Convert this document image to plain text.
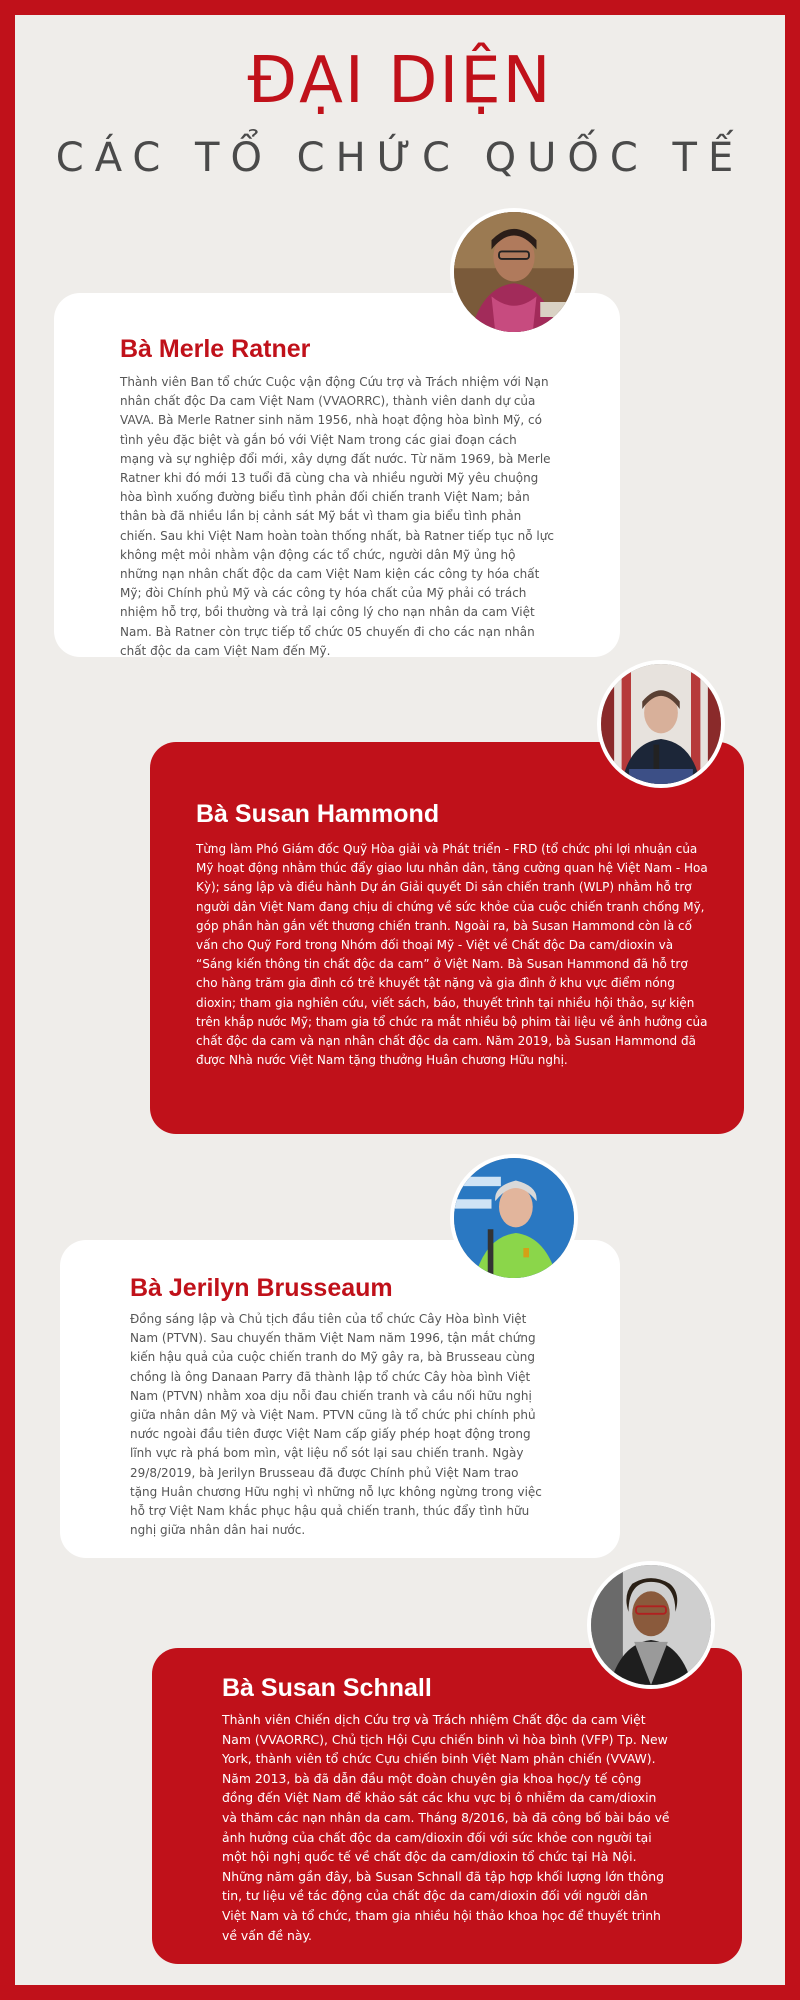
ĐẠI DIỆN
CÁC TỔ CHỨC QUỐC TẾ
Bà Merle Ratner

Thành viên Ban tổ chức Cuộc vận động Cứu trợ và Trách nhiệm với Nạn nhân chất độc Da cam Việt Nam (VVAORRC), thành viên danh dự của VAVA. Bà Merle Ratner sinh năm 1956, nhà hoạt động hòa bình Mỹ, có tình yêu đặc biệt và gắn bó với Việt Nam trong các giai đoạn cách mạng và sự nghiệp đổi mới, xây dựng đất nước. Từ năm 1969, bà Merle Ratner khi đó mới 13 tuổi đã cùng cha và nhiều người Mỹ yêu chuộng hòa bình xuống đường biểu tình phản đối chiến tranh Việt Nam; bản thân bà đã nhiều lần bị cảnh sát Mỹ bắt vì tham gia biểu tình phản chiến. Sau khi Việt Nam hoàn toàn thống nhất, bà Ratner tiếp tục nỗ lực không mệt mỏi nhằm vận động các tổ chức, người dân Mỹ ủng hộ những nạn nhân chất độc da cam Việt Nam kiện các công ty hóa chất Mỹ; đòi Chính phủ Mỹ và các công ty hóa chất của Mỹ phải có trách nhiệm hỗ trợ, bồi thường và trả lại công lý cho nạn nhân da cam Việt Nam. Bà Ratner còn trực tiếp tổ chức 05 chuyến đi cho các nạn nhân chất độc da cam Việt Nam đến Mỹ.

Bà Susan Hammond

Từng làm Phó Giám đốc Quỹ Hòa giải và Phát triển - FRD (tổ chức phi lợi nhuận của Mỹ hoạt động nhằm thúc đẩy giao lưu nhân dân, tăng cường quan hệ Việt Nam - Hoa Kỳ); sáng lập và điều hành Dự án Giải quyết Di sản chiến tranh (WLP) nhằm hỗ trợ người dân Việt Nam đang chịu di chứng về sức khỏe của cuộc chiến tranh chống Mỹ, góp phần hàn gắn vết thương chiến tranh. Ngoài ra, bà Susan Hammond còn là cố vấn cho Quỹ Ford trong Nhóm đối thoại Mỹ - Việt về Chất độc Da cam/dioxin và “Sáng kiến thông tin chất độc da cam” ở Việt Nam. Bà Susan Hammond đã hỗ trợ cho hàng trăm gia đình có trẻ khuyết tật nặng và gia đình ở khu vực điểm nóng dioxin; tham gia nghiên cứu, viết sách, báo, thuyết trình tại nhiều hội thảo, sự kiện trên khắp nước Mỹ; tham gia tổ chức ra mắt nhiều bộ phim tài liệu về ảnh hưởng của chất độc da cam và nạn nhân chất độc da cam. Năm 2019, bà Susan Hammond đã được Nhà nước Việt Nam tặng thưởng Huân chương Hữu nghị.

Bà Jerilyn Brusseaum

Đồng sáng lập và Chủ tịch đầu tiên của tổ chức Cây Hòa bình Việt Nam (PTVN). Sau chuyến thăm Việt Nam năm 1996, tận mắt chứng kiến hậu quả của cuộc chiến tranh do Mỹ gây ra, bà Brusseau cùng chồng là ông Danaan Parry đã thành lập tổ chức Cây hòa bình Việt Nam (PTVN) nhằm xoa dịu nỗi đau chiến tranh và cầu nối hữu nghị giữa nhân dân Mỹ và Việt Nam. PTVN cũng là tổ chức phi chính phủ nước ngoài đầu tiên được Việt Nam cấp giấy phép hoạt động trong lĩnh vực rà phá bom mìn, vật liệu nổ sót lại sau chiến tranh. Ngày 29/8/2019, bà Jerilyn Brusseau đã được Chính phủ Việt Nam trao tặng Huân chương Hữu nghị vì những nỗ lực không ngừng trong việc hỗ trợ Việt Nam khắc phục hậu quả chiến tranh, thúc đẩy tình hữu nghị giữa nhân dân hai nước.

Bà Susan Schnall

Thành viên Chiến dịch Cứu trợ và Trách nhiệm Chất độc da cam Việt Nam (VVAORRC), Chủ tịch Hội Cựu chiến binh vì hòa bình (VFP) Tp. New York, thành viên tổ chức Cựu chiến binh Việt Nam phản chiến (VVAW). Năm 2013, bà đã dẫn đầu một đoàn chuyên gia khoa học/y tế cộng đồng đến Việt Nam để khảo sát các khu vực bị ô nhiễm da cam/dioxin và thăm các nạn nhân da cam. Tháng 8/2016, bà đã công bố bài báo về ảnh hưởng của chất độc da cam/dioxin đối với sức khỏe con người tại một hội nghị quốc tế về chất độc da cam/dioxin tổ chức tại Hà Nội. Những năm gần đây, bà Susan Schnall đã tập hợp khối lượng lớn thông tin, tư liệu về tác động của chất độc da cam/dioxin đối với người dân Việt Nam và tổ chức, tham gia nhiều hội thảo khoa học để thuyết trình về vấn đề này.
